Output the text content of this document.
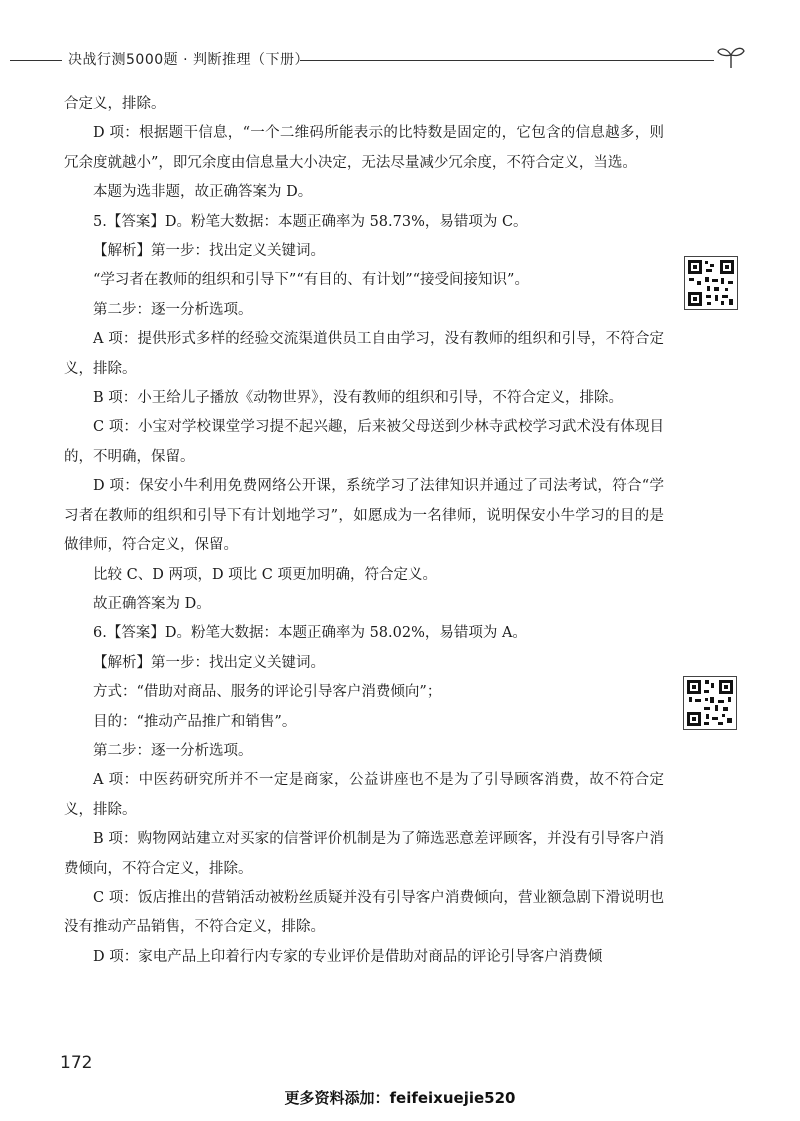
决战行测5000题 · 判断推理（下册）

合定义，排除。

D 项：根据题干信息，“一个二维码所能表示的比特数是固定的，它包含的信息越多，则冗余度就越小”，即冗余度由信息量大小决定，无法尽量减少冗余度，不符合定义，当选。

本题为选非题，故正确答案为 D。

5.【答案】D。粉笔大数据：本题正确率为 58.73%，易错项为 C。

【解析】第一步：找出定义关键词。

“学习者在教师的组织和引导下”“有目的、有计划”“接受间接知识”。

第二步：逐一分析选项。

A 项：提供形式多样的经验交流渠道供员工自由学习，没有教师的组织和引导，不符合定义，排除。

B 项：小王给儿子播放《动物世界》，没有教师的组织和引导，不符合定义，排除。

C 项：小宝对学校课堂学习提不起兴趣，后来被父母送到少林寺武校学习武术没有体现目的，不明确，保留。

D 项：保安小牛利用免费网络公开课，系统学习了法律知识并通过了司法考试，符合“学习者在教师的组织和引导下有计划地学习”，如愿成为一名律师，说明保安小牛学习的目的是做律师，符合定义，保留。

比较 C、D 两项，D 项比 C 项更加明确，符合定义。

故正确答案为 D。

6.【答案】D。粉笔大数据：本题正确率为 58.02%，易错项为 A。

【解析】第一步：找出定义关键词。

方式：“借助对商品、服务的评论引导客户消费倾向”；

目的：“推动产品推广和销售”。

第二步：逐一分析选项。

A 项：中医药研究所并不一定是商家，公益讲座也不是为了引导顾客消费，故不符合定义，排除。

B 项：购物网站建立对买家的信誉评价机制是为了筛选恶意差评顾客，并没有引导客户消费倾向，不符合定义，排除。

C 项：饭店推出的营销活动被粉丝质疑并没有引导客户消费倾向，营业额急剧下滑说明也没有推动产品销售，不符合定义，排除。

D 项：家电产品上印着行内专家的专业评价是借助对商品的评论引导客户消费倾

172
更多资料添加：feifeixuejie520
